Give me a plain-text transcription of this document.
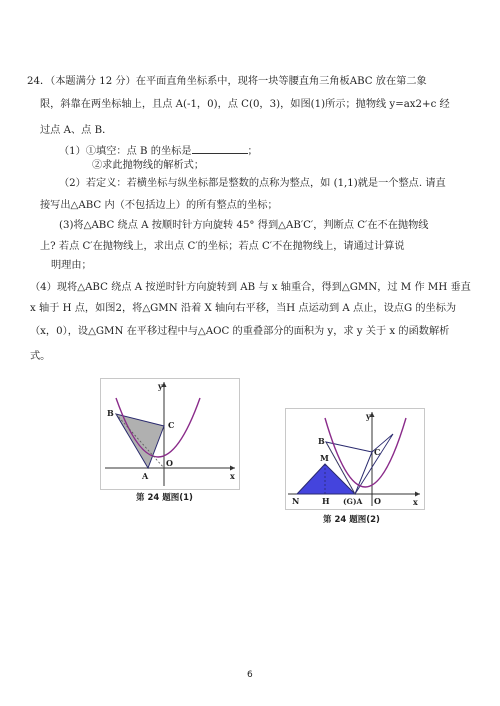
24．（本题满分 12 分）在平面直角坐标系中，现将一块等腰直角三角板ABC 放在第二象
限，斜靠在两坐标轴上，且点 A(-1，0)，点 C(0，3)，如图(1)所示；抛物线 y=ax2+c 经
过点 A、点 B．
（1）①填空：点 B 的坐标是	；
②求此抛物线的解析式；
（2）若定义：若横坐标与纵坐标都是整数的点称为整点，如 (1,1)就是一个整点. 请直
接写出△ABC 内（不包括边上）的所有整点的坐标；
(3)将△ABC 绕点 A 按顺时针方向旋转 45° 得到△AB′C′，判断点 C′在不在抛物线
上? 若点 C′在抛物线上，求出点 C′的坐标；若点 C′不在抛物线上，请通过计算说
明理由；
（4）现将△ABC 绕点 A 按逆时针方向旋转到 AB 与 x 轴重合，得到△GMN，过 M 作 MH 垂直
x 轴于 H 点，如图2，将△GMN 沿着 X 轴向右平移，当H 点运动到 A 点止，设点G 的坐标为
（x，0），设△GMN 在平移过程中与△AOC 的重叠部分的面积为 y，求 y 关于 x 的函数解析
式。
y
x
B
C
A
O
第 24 题图(1)
y
x
B
C
M
N	H (G)A O
第 24 题图(2)
6
